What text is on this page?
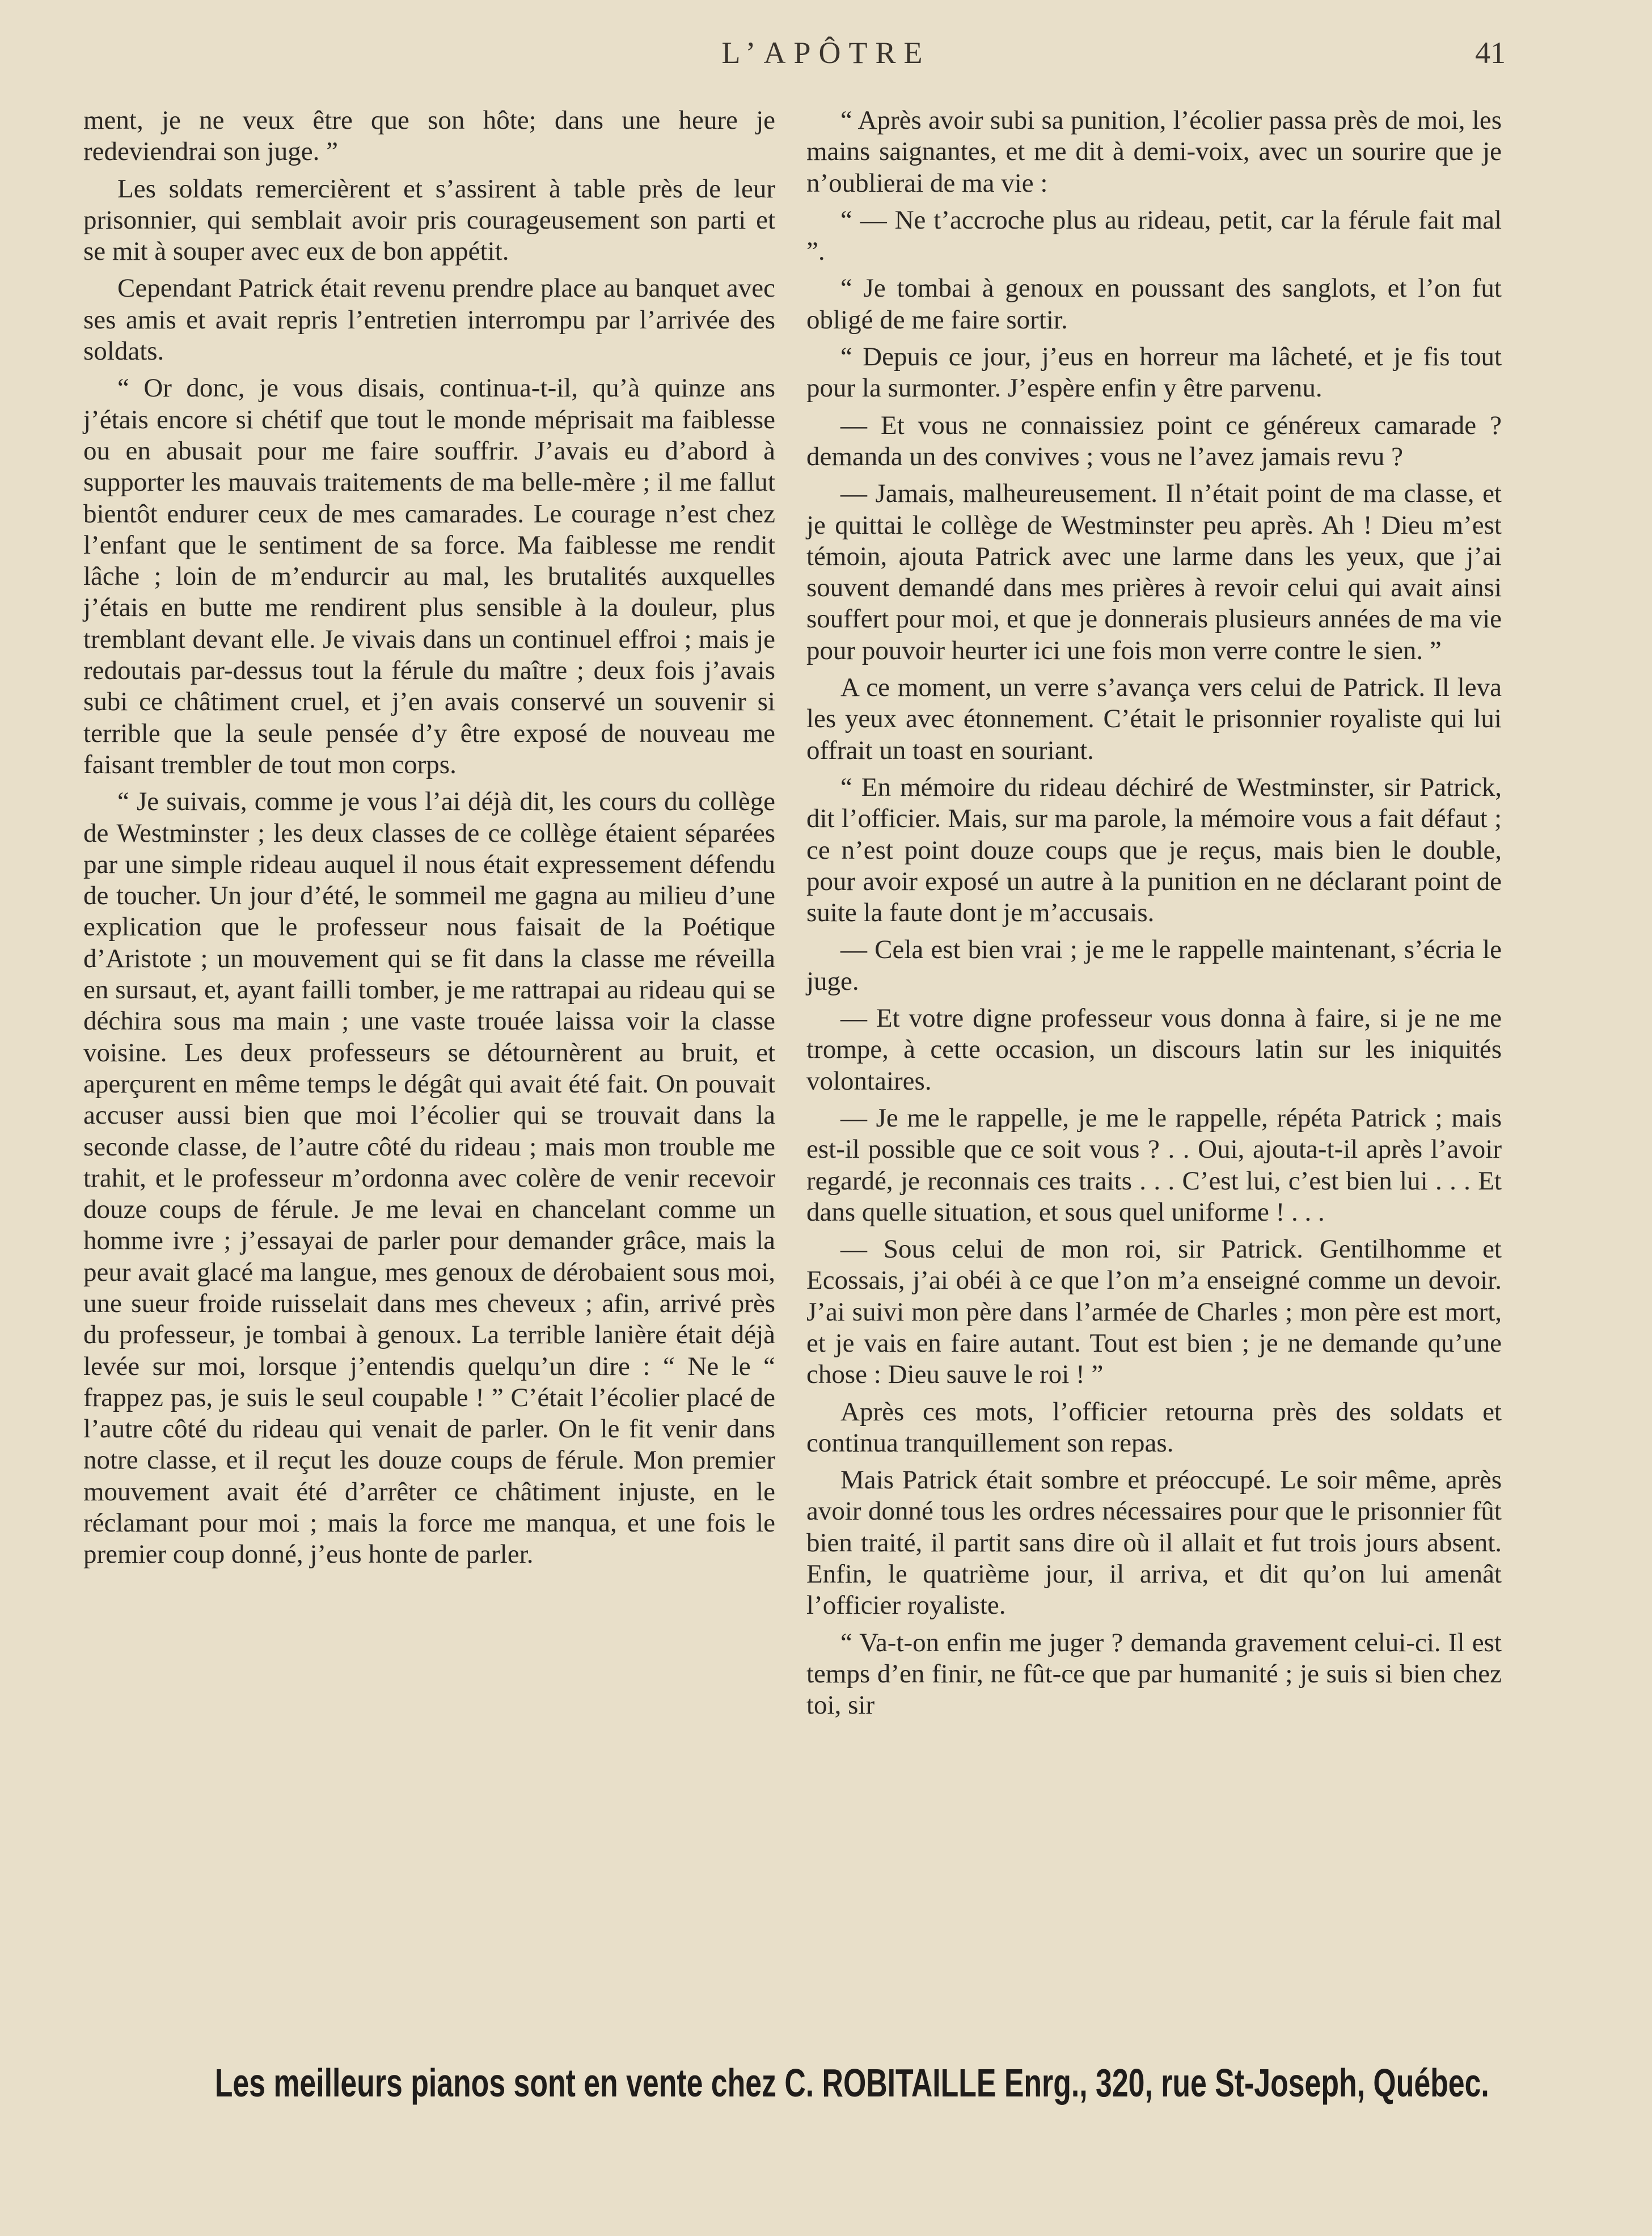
L’APÔTRE	41

ment, je ne veux être que son hôte; dans une heure je redeviendrai son juge. ”

Les soldats remercièrent et s’assirent à table près de leur prisonnier, qui semblait avoir pris courageusement son parti et se mit à souper avec eux de bon appétit.

Cependant Patrick était revenu prendre place au banquet avec ses amis et avait repris l’entretien interrompu par l’arrivée des soldats.

“ Or donc, je vous disais, continua-t-il, qu’à quinze ans j’étais encore si chétif que tout le monde méprisait ma faiblesse ou en abusait pour me faire souffrir. J’avais eu d’abord à supporter les mauvais traitements de ma belle-mère ; il me fallut bientôt endurer ceux de mes camarades. Le courage n’est chez l’enfant que le sentiment de sa force. Ma faiblesse me rendit lâche ; loin de m’endurcir au mal, les brutalités auxquelles j’étais en butte me rendirent plus sensible à la douleur, plus tremblant devant elle. Je vivais dans un continuel effroi ; mais je redoutais par-dessus tout la férule du maître ; deux fois j’avais subi ce châtiment cruel, et j’en avais conservé un souvenir si terrible que la seule pensée d’y être exposé de nouveau me faisant trembler de tout mon corps.

“ Je suivais, comme je vous l’ai déjà dit, les cours du collège de Westminster ; les deux classes de ce collège étaient séparées par une simple rideau auquel il nous était expressement défendu de toucher. Un jour d’été, le sommeil me gagna au milieu d’une explication que le professeur nous faisait de la Poétique d’Aristote ; un mouvement qui se fit dans la classe me réveilla en sursaut, et, ayant failli tomber, je me rattrapai au rideau qui se déchira sous ma main ; une vaste trouée laissa voir la classe voisine. Les deux professeurs se détournèrent au bruit, et aperçurent en même temps le dégât qui avait été fait. On pouvait accuser aussi bien que moi l’écolier qui se trouvait dans la seconde classe, de l’autre côté du rideau ; mais mon trouble me trahit, et le professeur m’ordonna avec colère de venir recevoir douze coups de férule. Je me levai en chancelant comme un homme ivre ; j’essayai de parler pour demander grâce, mais la peur avait glacé ma langue, mes genoux de dérobaient sous moi, une sueur froide ruisselait dans mes cheveux ; afin, arrivé près du professeur, je tombai à genoux. La terrible lanière était déjà levée sur moi, lorsque j’entendis quelqu’un dire : “ Ne le “ frappez pas, je suis le seul coupable ! ” C’était l’écolier placé de l’autre côté du rideau qui venait de parler. On le fit venir dans notre classe, et il reçut les douze coups de férule. Mon premier mouvement avait été d’arrêter ce châtiment injuste, en le réclamant pour moi ; mais la force me manqua, et une fois le premier coup donné, j’eus honte de parler.

“ Après avoir subi sa punition, l’écolier passa près de moi, les mains saignantes, et me dit à demi-voix, avec un sourire que je n’oublierai de ma vie :

“ — Ne t’accroche plus au rideau, petit, car la férule fait mal ”.

“ Je tombai à genoux en poussant des sanglots, et l’on fut obligé de me faire sortir.

“ Depuis ce jour, j’eus en horreur ma lâcheté, et je fis tout pour la surmonter. J’espère enfin y être parvenu.

— Et vous ne connaissiez point ce généreux camarade ? demanda un des convives ; vous ne l’avez jamais revu ?

— Jamais, malheureusement. Il n’était point de ma classe, et je quittai le collège de Westminster peu après. Ah ! Dieu m’est témoin, ajouta Patrick avec une larme dans les yeux, que j’ai souvent demandé dans mes prières à revoir celui qui avait ainsi souffert pour moi, et que je donnerais plusieurs années de ma vie pour pouvoir heurter ici une fois mon verre contre le sien. ”

A ce moment, un verre s’avança vers celui de Patrick. Il leva les yeux avec étonnement. C’était le prisonnier royaliste qui lui offrait un toast en souriant.

“ En mémoire du rideau déchiré de Westminster, sir Patrick, dit l’officier. Mais, sur ma parole, la mémoire vous a fait défaut ; ce n’est point douze coups que je reçus, mais bien le double, pour avoir exposé un autre à la punition en ne déclarant point de suite la faute dont je m’accusais.

— Cela est bien vrai ; je me le rappelle maintenant, s’écria le juge.

— Et votre digne professeur vous donna à faire, si je ne me trompe, à cette occasion, un discours latin sur les iniquités volontaires.

— Je me le rappelle, je me le rappelle, répéta Patrick ; mais est-il possible que ce soit vous ? . . Oui, ajouta-t-il après l’avoir regardé, je reconnais ces traits . . . C’est lui, c’est bien lui . . . Et dans quelle situation, et sous quel uniforme ! . . .

— Sous celui de mon roi, sir Patrick. Gentilhomme et Ecossais, j’ai obéi à ce que l’on m’a enseigné comme un devoir. J’ai suivi mon père dans l’armée de Charles ; mon père est mort, et je vais en faire autant. Tout est bien ; je ne demande qu’une chose : Dieu sauve le roi ! ”

Après ces mots, l’officier retourna près des soldats et continua tranquillement son repas.

Mais Patrick était sombre et préoccupé. Le soir même, après avoir donné tous les ordres nécessaires pour que le prisonnier fût bien traité, il partit sans dire où il allait et fut trois jours absent. Enfin, le quatrième jour, il arriva, et dit qu’on lui amenât l’officier royaliste.

“ Va-t-on enfin me juger ? demanda gravement celui-ci. Il est temps d’en finir, ne fût-ce que par humanité ; je suis si bien chez toi, sir

Les meilleurs pianos sont en vente chez C. ROBITAILLE Enrg., 320, rue St-Joseph, Québec.
